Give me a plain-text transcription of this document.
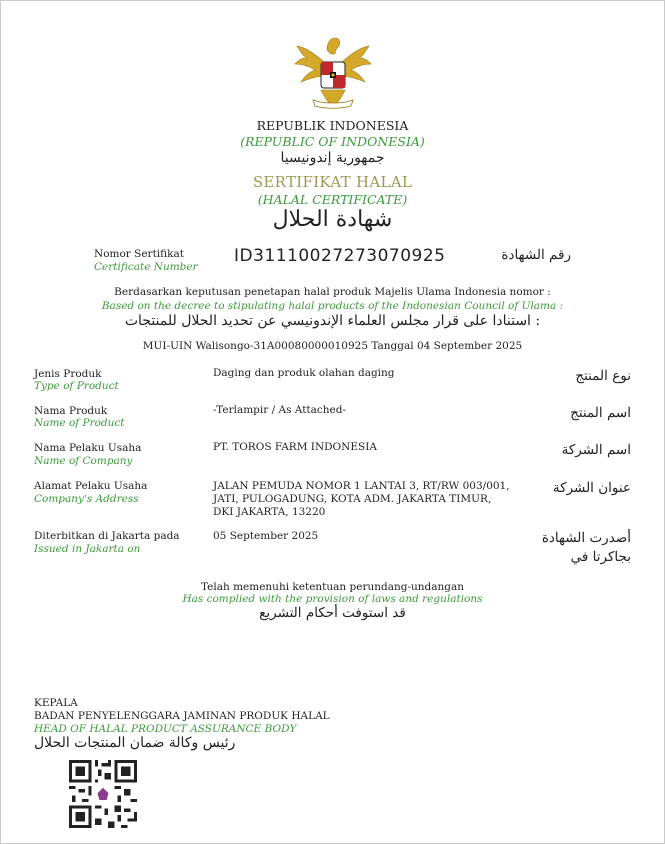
REPUBLIK INDONESIA
(REPUBLIC OF INDONESIA)
جمهورية إندونيسيا
SERTIFIKAT HALAL
(HALAL CERTIFICATE)
شهادة الحلال
Nomor Sertifikat
Certificate Number
ID31110027273070925	رقم الشهادة
Berdasarkan keputusan penetapan halal produk Majelis Ulama Indonesia nomor :
Based on the decree to stipulating halal products of the Indonesian Council of Ulama :
استنادا على قرار مجلس العلماء الإندونيسي عن تحديد الحلال للمنتجات :
MUI-UIN Walisongo-31A00080000010925 Tanggal 04 September 2025
Jenis Produk
Type of Product
Daging dan produk olahan daging	نوع المنتج
Nama Produk
Name of Product
-Terlampir / As Attached-	اسم المنتج
Nama Pelaku Usaha
Name of Company
PT. TOROS FARM INDONESIA	اسم الشركة
Alamat Pelaku Usaha
Company's Address
JALAN PEMUDA NOMOR 1 LANTAI 3, RT/RW 003/001,
JATI, PULOGADUNG, KOTA ADM. JAKARTA TIMUR,
DKI JAKARTA, 13220
عنوان الشركة
Diterbitkan di Jakarta pada
Issued in Jakarta on
05 September 2025	أصدرت الشهادة
بجاكرتا في
Telah memenuhi ketentuan perundang-undangan
Has complied with the provision of laws and regulations
قد استوفت أحكام التشريع
KEPALA
BADAN PENYELENGGARA JAMINAN PRODUK HALAL
HEAD OF HALAL PRODUCT ASSURANCE BODY
رئيس وكالة ضمان المنتجات الحلال
